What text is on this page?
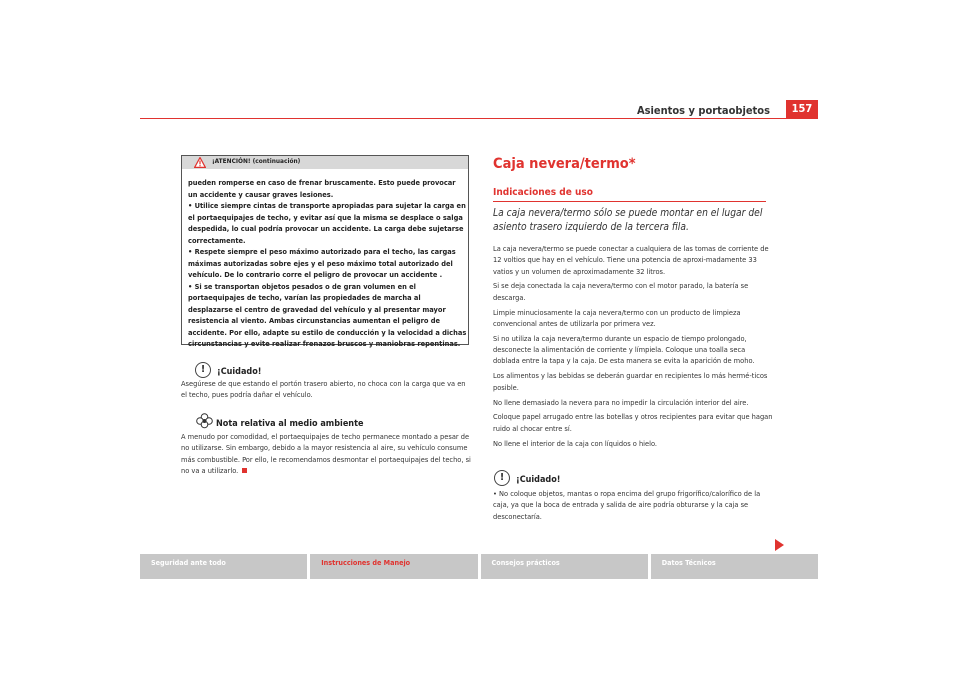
Asientos y portaobjetos	157
¡ATENCIÓN! (continuación)

pueden romperse en caso de frenar bruscamente. Esto puede provocar un accidente y causar graves lesiones.

• Utilice siempre cintas de transporte apropiadas para sujetar la carga en el portaequipajes de techo, y evitar así que la misma se desplace o salga despedida, lo cual podría provocar un accidente. La carga debe sujetarse correctamente.

• Respete siempre el peso máximo autorizado para el techo, las cargas máximas autorizadas sobre ejes y el peso máximo total autorizado del vehículo. De lo contrario corre el peligro de provocar un accidente .

• Si se transportan objetos pesados o de gran volumen en el portaequipajes de techo, varían las propiedades de marcha al desplazarse el centro de gravedad del vehículo y al presentar mayor resistencia al viento. Ambas circunstancias aumentan el peligro de accidente. Por ello, adapte su estilo de conducción y la velocidad a dichas circunstancias y evite realizar frenazos bruscos y maniobras repentinas.

!	¡Cuidado!
Asegúrese de que estando el portón trasero abierto, no choca con la carga que va en el techo, pues podría dañar el vehículo.
Nota relativa al medio ambiente
A menudo por comodidad, el portaequipajes de techo permanece montado a pesar de no utilizarse. Sin embargo, debido a la mayor resistencia al aire, su vehículo consume más combustible. Por ello, le recomendamos desmontar el portaequipajes del techo, si no va a utilizarlo.
Caja nevera/termo*
Indicaciones de uso
La caja nevera/termo sólo se puede montar en el lugar del asiento trasero izquierdo de la tercera fila.

La caja nevera/termo se puede conectar a cualquiera de las tomas de corriente de 12 voltios que hay en el vehículo. Tiene una potencia de aproxi-madamente 33 vatios y un volumen de aproximadamente 32 litros.

Si se deja conectada la caja nevera/termo con el motor parado, la batería se descarga.

Limpie minuciosamente la caja nevera/termo con un producto de limpieza convencional antes de utilizarla por primera vez.

Si no utiliza la caja nevera/termo durante un espacio de tiempo prolongado, desconecte la alimentación de corriente y límpiela. Coloque una toalla seca doblada entre la tapa y la caja. De esta manera se evita la aparición de moho.

Los alimentos y las bebidas se deberán guardar en recipientes lo más hermé-ticos posible.

No llene demasiado la nevera para no impedir la circulación interior del aire.

Coloque papel arrugado entre las botellas y otros recipientes para evitar que hagan ruido al chocar entre sí.

No llene el interior de la caja con líquidos o hielo.

!	¡Cuidado!
• No coloque objetos, mantas o ropa encima del grupo frigorífico/calorífico de la caja, ya que la boca de entrada y salida de aire podría obturarse y la caja se desconectaría.
Seguridad ante todo	Instrucciones de Manejo	Consejos prácticos	Datos Técnicos
